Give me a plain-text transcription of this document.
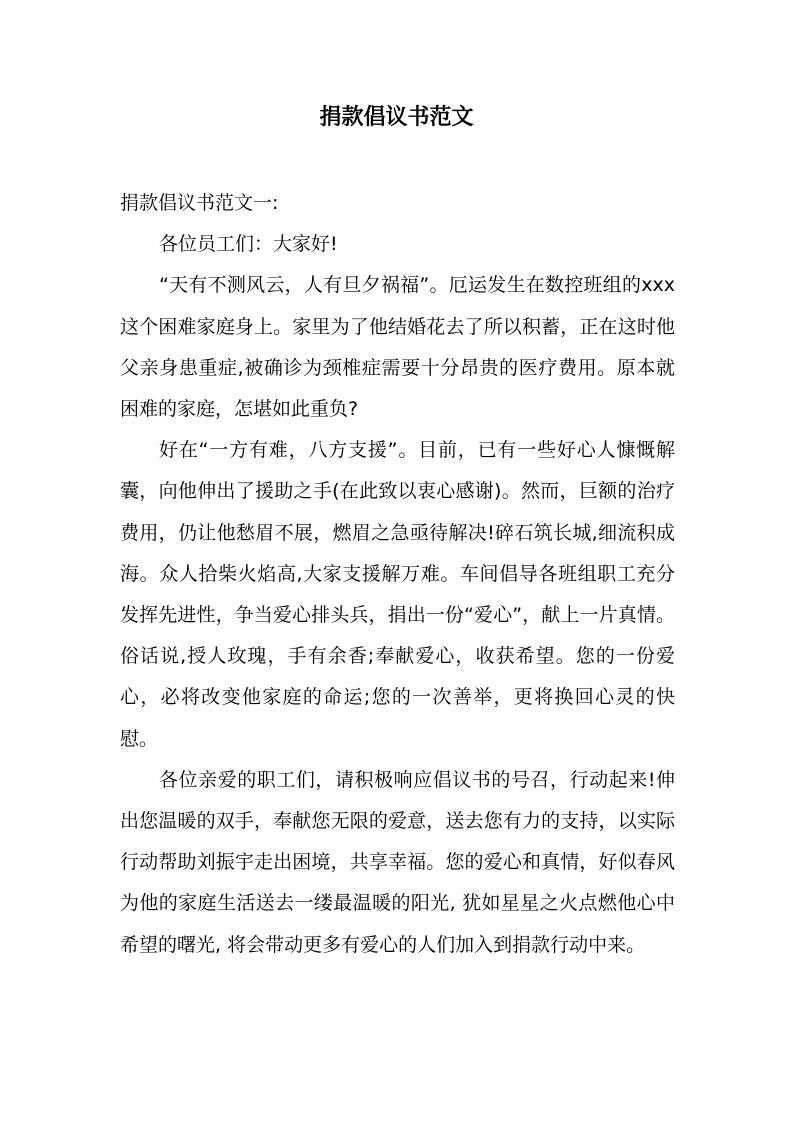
捐款倡议书范文

捐款倡议书范文一:

各位员工们：大家好!

“天有不测风云，人有旦夕祸福”。厄运发生在数控班组的xxx这个困难家庭身上。家里为了他结婚花去了所以积蓄，正在这时他父亲身患重症,被确诊为颈椎症需要十分昂贵的医疗费用。原本就困难的家庭，怎堪如此重负?

好在“一方有难，八方支援”。目前，已有一些好心人慷慨解囊，向他伸出了援助之手(在此致以衷心感谢)。然而，巨额的治疗费用，仍让他愁眉不展，燃眉之急亟待解决!碎石筑长城,细流积成海。众人拾柴火焰高,大家支援解万难。车间倡导各班组职工充分发挥先进性，争当爱心排头兵，捐出一份“爱心”，献上一片真情。俗话说,授人玫瑰，手有余香;奉献爱心，收获希望。您的一份爱心，必将改变他家庭的命运;您的一次善举，更将换回心灵的快慰。

各位亲爱的职工们，请积极响应倡议书的号召，行动起来!伸出您温暖的双手，奉献您无限的爱意，送去您有力的支持，以实际行动帮助刘振宇走出困境，共享幸福。您的爱心和真情，好似春风为他的家庭生活送去一缕最温暖的阳光, 犹如星星之火点燃他心中希望的曙光, 将会带动更多有爱心的人们加入到捐款行动中来。
